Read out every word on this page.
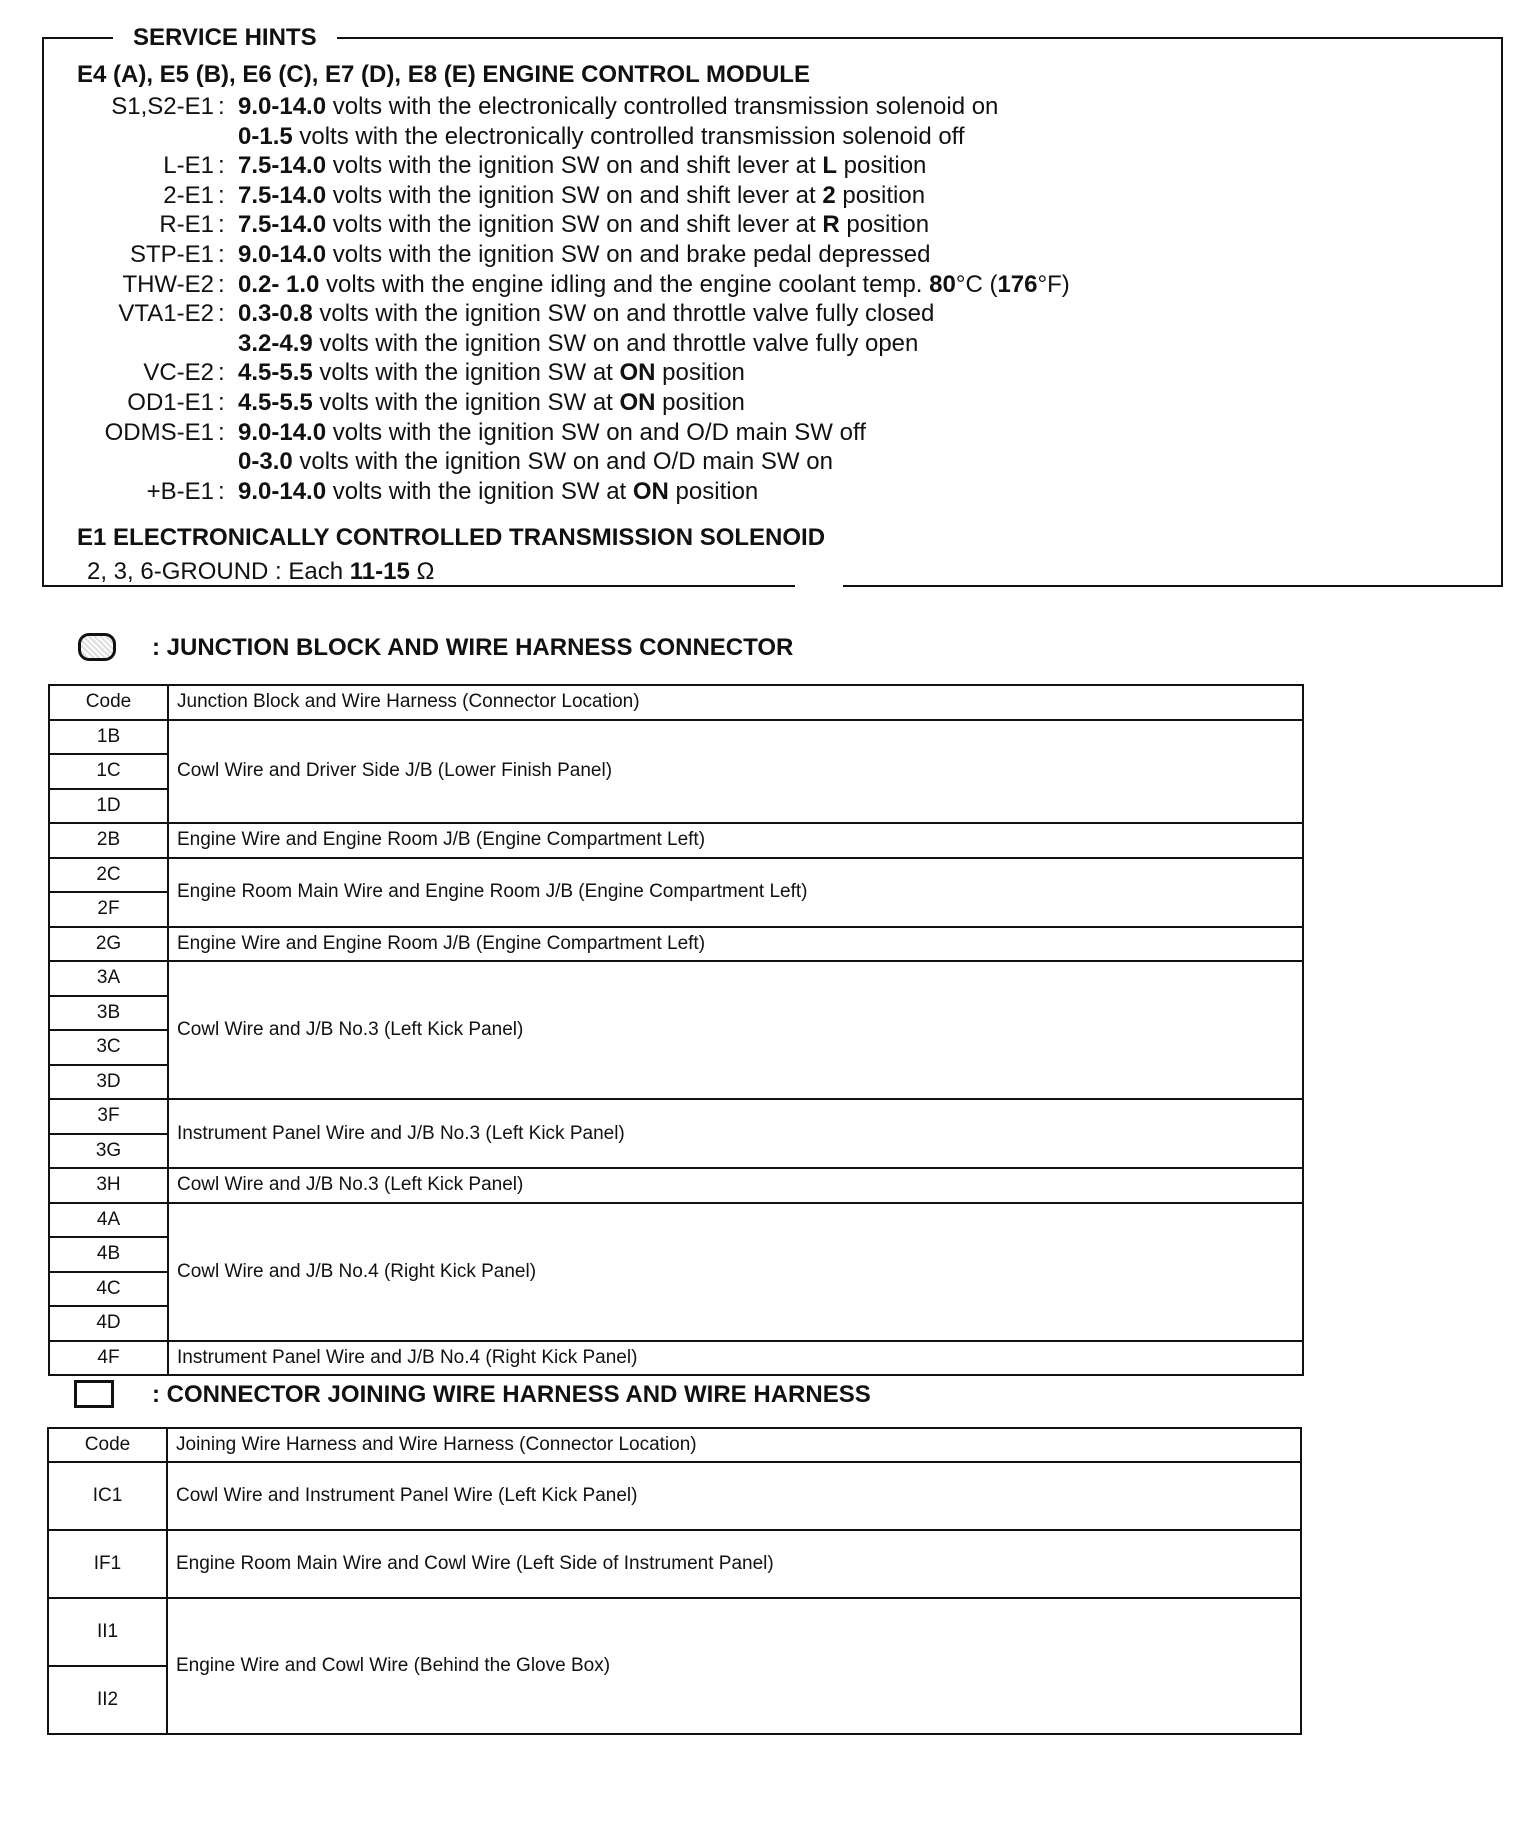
SERVICE HINTS
E4 (A), E5 (B), E6 (C), E7 (D), E8 (E) ENGINE CONTROL MODULE
S1,S2-E1 : 9.0-14.0 volts with the electronically controlled transmission solenoid on
0-1.5 volts with the electronically controlled transmission solenoid off
L-E1 : 7.5-14.0 volts with the ignition SW on and shift lever at L position
2-E1 : 7.5-14.0 volts with the ignition SW on and shift lever at 2 position
R-E1 : 7.5-14.0 volts with the ignition SW on and shift lever at R position
STP-E1 : 9.0-14.0 volts with the ignition SW on and brake pedal depressed
THW-E2 : 0.2- 1.0 volts with the engine idling and the engine coolant temp. 80°C (176°F)
VTA1-E2 : 0.3-0.8 volts with the ignition SW on and throttle valve fully closed
3.2-4.9 volts with the ignition SW on and throttle valve fully open
VC-E2 : 4.5-5.5 volts with the ignition SW at ON position
OD1-E1 : 4.5-5.5 volts with the ignition SW at ON position
ODMS-E1 : 9.0-14.0 volts with the ignition SW on and O/D main SW off
0-3.0 volts with the ignition SW on and O/D main SW on
+B-E1 : 9.0-14.0 volts with the ignition SW at ON position
E1 ELECTRONICALLY CONTROLLED TRANSMISSION SOLENOID
2, 3, 6-GROUND : Each 11-15 Ω
: JUNCTION BLOCK AND WIRE HARNESS CONNECTOR
Code	Junction Block and Wire Harness (Connector Location)
1B	Cowl Wire and Driver Side J/B (Lower Finish Panel)
1C	
1D	
2B	Engine Wire and Engine Room J/B (Engine Compartment Left)
2C	Engine Room Main Wire and Engine Room J/B (Engine Compartment Left)
2F	
2G	Engine Wire and Engine Room J/B (Engine Compartment Left)
3A	Cowl Wire and J/B No.3 (Left Kick Panel)
3B	
3C	
3D	
3F	Instrument Panel Wire and J/B No.3 (Left Kick Panel)
3G	
3H	Cowl Wire and J/B No.3 (Left Kick Panel)
4A	Cowl Wire and J/B No.4 (Right Kick Panel)
4B	
4C	
4D	
4F	Instrument Panel Wire and J/B No.4 (Right Kick Panel)
: CONNECTOR JOINING WIRE HARNESS AND WIRE HARNESS
Code	Joining Wire Harness and Wire Harness (Connector Location)
IC1	Cowl Wire and Instrument Panel Wire (Left Kick Panel)
IF1	Engine Room Main Wire and Cowl Wire (Left Side of Instrument Panel)
II1	Engine Wire and Cowl Wire (Behind the Glove Box)
II2	
